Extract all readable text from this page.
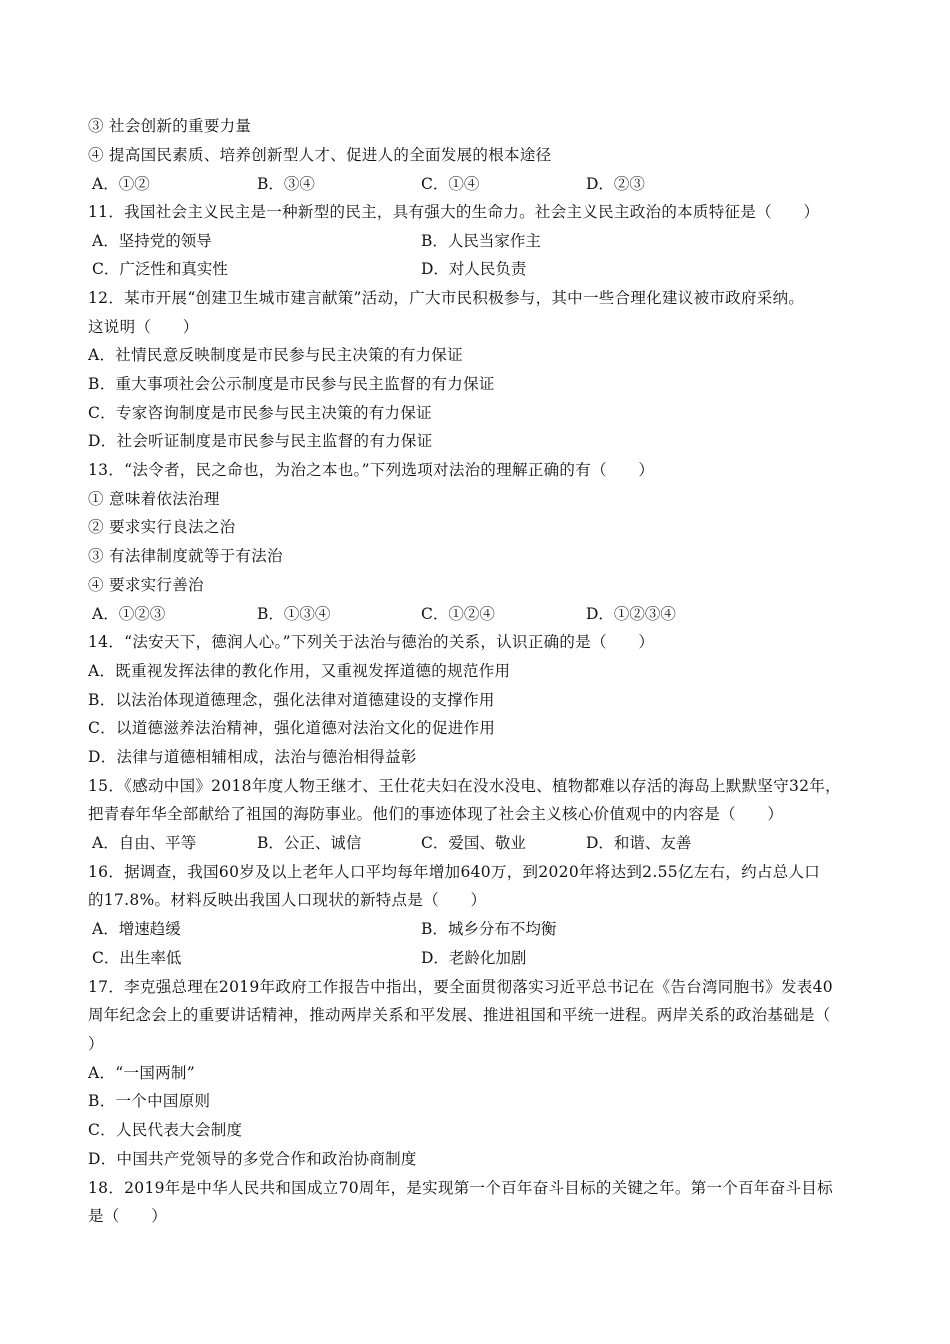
③ 社会创新的重要力量
④ 提高国民素质、培养创新型人才、促进人的全面发展的根本途径
A．①②	B．③④	C．①④	D．②③
11．我国社会主义民主是一种新型的民主，具有强大的生命力。社会主义民主政治的本质特征是（　　）
A．坚持党的领导	B．人民当家作主
C．广泛性和真实性	D．对人民负责
12．某市开展“创建卫生城市建言献策”活动，广大市民积极参与，其中一些合理化建议被市政府采纳。
这说明（　　）
A．社情民意反映制度是市民参与民主决策的有力保证
B．重大事项社会公示制度是市民参与民主监督的有力保证
C．专家咨询制度是市民参与民主决策的有力保证
D．社会听证制度是市民参与民主监督的有力保证
13．“法令者，民之命也，为治之本也。”下列选项对法治的理解正确的有（　　）
① 意味着依法治理
② 要求实行良法之治
③ 有法律制度就等于有法治
④ 要求实行善治
A．①②③	B．①③④	C．①②④	D．①②③④
14．“法安天下，德润人心。”下列关于法治与德治的关系，认识正确的是（　　）
A．既重视发挥法律的教化作用，又重视发挥道德的规范作用
B．以法治体现道德理念，强化法律对道德建设的支撑作用
C．以道德滋养法治精神，强化道德对法治文化的促进作用
D．法律与道德相辅相成，法治与德治相得益彰
15．《感动中国》2018年度人物王继才、王仕花夫妇在没水没电、植物都难以存活的海岛上默默坚守32年，
把青春年华全部献给了祖国的海防事业。他们的事迹体现了社会主义核心价值观中的内容是（　　）
A．自由、平等	B．公正、诚信	C．爱国、敬业	D．和谐、友善
16．据调查，我国60岁及以上老年人口平均每年增加640万，到2020年将达到2.55亿左右，约占总人口
的17.8%。材料反映出我国人口现状的新特点是（　　）
A．增速趋缓	B．城乡分布不均衡
C．出生率低	D．老龄化加剧
17．李克强总理在2019年政府工作报告中指出，要全面贯彻落实习近平总书记在《告台湾同胞书》发表40
周年纪念会上的重要讲话精神，推动两岸关系和平发展、推进祖国和平统一进程。两岸关系的政治基础是（
）
A．“一国两制”
B．一个中国原则
C．人民代表大会制度
D．中国共产党领导的多党合作和政治协商制度
18．2019年是中华人民共和国成立70周年，是实现第一个百年奋斗目标的关键之年。第一个百年奋斗目标
是（　　）
